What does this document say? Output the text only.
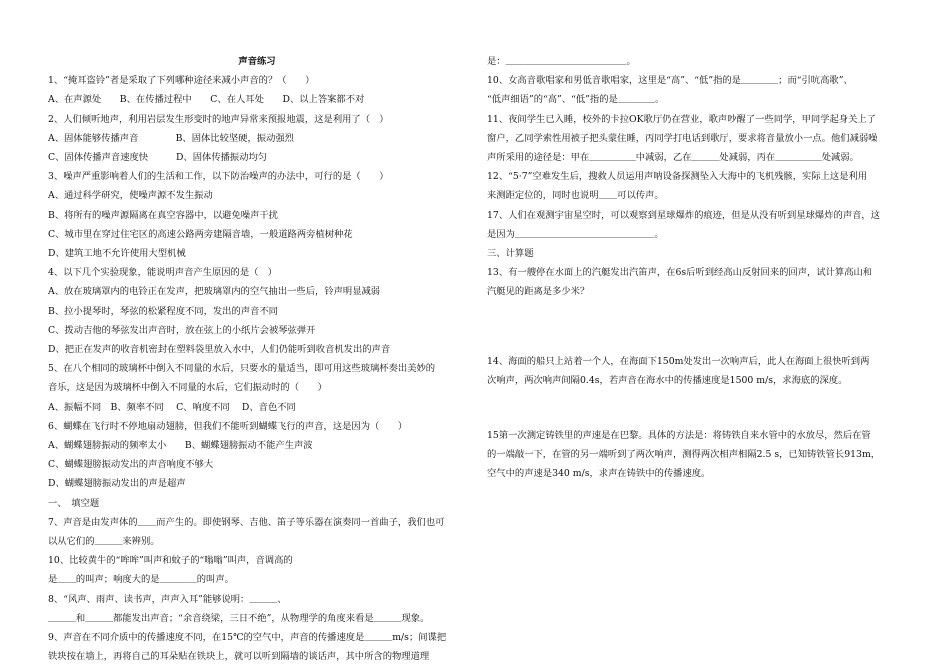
声音练习
1、“掩耳盗铃”者是采取了下列哪种途径来减小声音的？（　　）
A、在声源处　　B、在传播过程中　　C、在人耳处　　D、以上答案都不对
2、人们倾听地声，利用岩层发生形变时的地声异常来预报地震，这是利用了（　）
A、固体能够传播声音　　　　B、固体比较坚硬，振动强烈
C、固体传播声音速度快　　　D、固体传播振动均匀
3、噪声严重影响着人们的生活和工作，以下防治噪声的办法中，可行的是（　　）
A、通过科学研究，使噪声源不发生振动
B、将所有的噪声源隔离在真空容器中，以避免噪声干扰
C、城市里在穿过住宅区的高速公路两旁建隔音墙，一般道路两旁植树种花
D、建筑工地不允许使用大型机械
4、以下几个实验现象，能说明声音产生原因的是（　）
A、放在玻璃罩内的电铃正在发声，把玻璃罩内的空气抽出一些后，铃声明显减弱
B、拉小提琴时，琴弦的松紧程度不同，发出的声音不同
C、拨动吉他的琴弦发出声音时，放在弦上的小纸片会被琴弦弹开
D、把正在发声的收音机密封在塑料袋里放入水中，人们仍能听到收音机发出的声音
5、在八个相同的玻璃杯中倒入不同量的水后，只要水的量适当，即可用这些玻璃杯奏出美妙的
音乐，这是因为玻璃杯中倒入不同量的水后，它们振动时的（　　）
A、振幅不同　B、频率不同　 C、响度不同　 D、音色不同
6、蝴蝶在飞行时不停地扇动翅膀，但我们不能听到蝴蝶飞行的声音，这是因为（　　）
A、蝴蝶翅膀振动的频率太小　　B、蝴蝶翅膀振动不能产生声波
C、蝴蝶翅膀振动发出的声音响度不够大
D、蝴蝶翅膀振动发出的声是超声
一、　填空题
7、声音是由发声体的＿＿而产生的。即使钢琴、吉他、笛子等乐器在演奏同一首曲子，我们也可
以从它们的＿＿＿来辨别。
10、比较黄牛的“哞哞”叫声和蚊子的“嗡嗡”叫声，音调高的
是＿＿的叫声；响度大的是＿＿＿＿的叫声。
8、“风声、雨声、读书声，声声入耳”能够说明：＿＿＿、
＿＿＿和＿＿＿都能发出声音；“余音绕梁，三日不绝”，从物理学的角度来看是＿＿＿现象。
9、声音在不同介质中的传播速度不同，在15℃的空气中，声音的传播速度是＿＿＿m/s；间谍把
铁块按在墙上，再将自己的耳朵贴在铁块上，就可以听到隔墙的谈话声，其中所含的物理道理
是：＿＿＿＿＿＿＿＿＿＿＿＿＿。
10、女高音歌唱家和男低音歌唱家，这里是“高”、“低”指的是＿＿＿＿；而“引吭高歌”、
“低声细语”的“高”、“低”指的是＿＿＿＿。
11、夜间学生已入睡，校外的卡拉OK歌厅仍在营业，歌声吵醒了一些同学，甲同学起身关上了
窗户，乙同学索性用被子把头蒙住睡，丙同学打电话到歌厅，要求将音量放小一点。他们减弱噪
声所采用的途径是：甲在＿＿＿＿＿中减弱，乙在＿＿＿处减弱，丙在＿＿＿＿＿处减弱。
12、“5·7”空难发生后，搜救人员运用声呐设备探测坠入大海中的飞机残骸，实际上这是利用
来测距定位的，同时也说明＿＿可以传声。
17、人们在观测宇宙星空时，可以观察到星球爆炸的痕迹，但是从没有听到星球爆炸的声音，这
是因为＿＿＿＿＿＿＿＿＿＿＿＿＿＿＿。
三、计算题
13、有一艘停在水面上的汽艇发出汽笛声，在6s后听到经高山反射回来的回声，试计算高山和
汽艇见的距离是多少米？
14、海面的船只上站着一个人，在海面下150m处发出一次响声后，此人在海面上很快听到两
次响声，两次响声间隔0.4s，若声音在海水中的传播速度是1500 m/s，求海底的深度。
15第一次测定铸铁里的声速是在巴黎。具体的方法是：将铸铁自来水管中的水放尽，然后在管
的一端敲一下，在管的另一端听到了两次响声，测得两次相声相隔2.5 s，已知铸铁管长913m，
空气中的声速是340 m/s，求声在铸铁中的传播速度。
